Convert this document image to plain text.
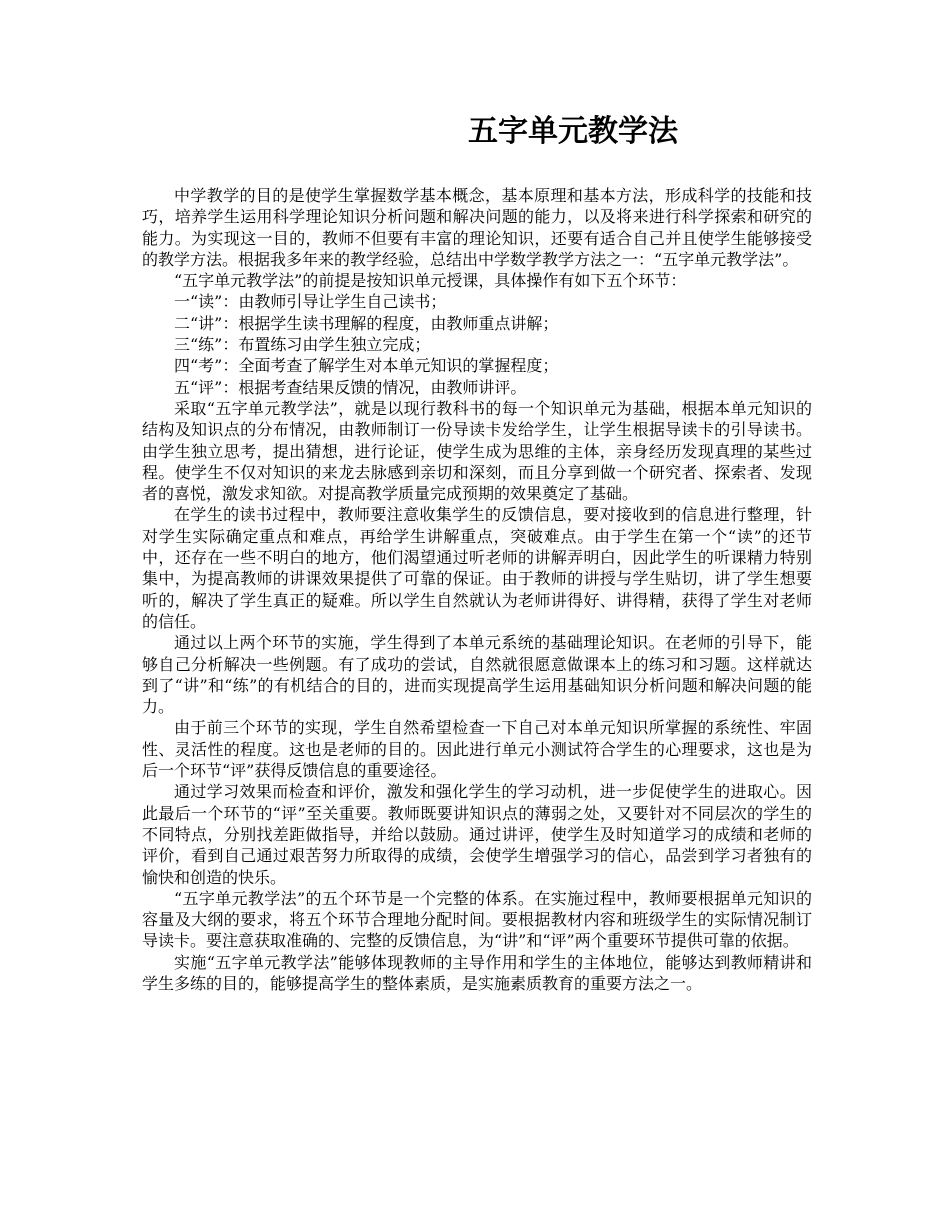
五字单元教学法

中学教学的目的是使学生掌握数学基本概念，基本原理和基本方法，形成科学的技能和技巧，培养学生运用科学理论知识分析问题和解决问题的能力，以及将来进行科学探索和研究的能力。为实现这一目的，教师不但要有丰富的理论知识，还要有适合自己并且使学生能够接受的教学方法。根据我多年来的教学经验，总结出中学数学教学方法之一：“五字单元教学法”。

“五字单元教学法”的前提是按知识单元授课，具体操作有如下五个环节：

一“读”：由教师引导让学生自己读书；

二“讲”：根据学生读书理解的程度，由教师重点讲解；

三“练”：布置练习由学生独立完成；

四“考”：全面考查了解学生对本单元知识的掌握程度；

五“评”：根据考查结果反馈的情况，由教师讲评。

采取“五字单元教学法”，就是以现行教科书的每一个知识单元为基础，根据本单元知识的结构及知识点的分布情况，由教师制订一份导读卡发给学生，让学生根据导读卡的引导读书。由学生独立思考，提出猜想，进行论证，使学生成为思维的主体，亲身经历发现真理的某些过程。使学生不仅对知识的来龙去脉感到亲切和深刻，而且分享到做一个研究者、探索者、发现者的喜悦，激发求知欲。对提高教学质量完成预期的效果奠定了基础。

在学生的读书过程中，教师要注意收集学生的反馈信息，要对接收到的信息进行整理，针对学生实际确定重点和难点，再给学生讲解重点，突破难点。由于学生在第一个“读”的还节中，还存在一些不明白的地方，他们渴望通过听老师的讲解弄明白，因此学生的听课精力特别集中，为提高教师的讲课效果提供了可靠的保证。由于教师的讲授与学生贴切，讲了学生想要听的，解决了学生真正的疑难。所以学生自然就认为老师讲得好、讲得精，获得了学生对老师的信任。

通过以上两个环节的实施，学生得到了本单元系统的基础理论知识。在老师的引导下，能够自己分析解决一些例题。有了成功的尝试，自然就很愿意做课本上的练习和习题。这样就达到了“讲”和“练”的有机结合的目的，进而实现提高学生运用基础知识分析问题和解决问题的能力。

由于前三个环节的实现，学生自然希望检查一下自己对本单元知识所掌握的系统性、牢固性、灵活性的程度。这也是老师的目的。因此进行单元小测试符合学生的心理要求，这也是为后一个环节“评”获得反馈信息的重要途径。

通过学习效果而检查和评价，激发和强化学生的学习动机，进一步促使学生的进取心。因此最后一个环节的“评”至关重要。教师既要讲知识点的薄弱之处，又要针对不同层次的学生的不同特点，分别找差距做指导，并给以鼓励。通过讲评，使学生及时知道学习的成绩和老师的评价，看到自己通过艰苦努力所取得的成绩，会使学生增强学习的信心，品尝到学习者独有的愉快和创造的快乐。

“五字单元教学法”的五个环节是一个完整的体系。在实施过程中，教师要根据单元知识的容量及大纲的要求，将五个环节合理地分配时间。要根据教材内容和班级学生的实际情况制订导读卡。要注意获取准确的、完整的反馈信息，为“讲”和“评”两个重要环节提供可靠的依据。

实施“五字单元教学法”能够体现教师的主导作用和学生的主体地位，能够达到教师精讲和学生多练的目的，能够提高学生的整体素质，是实施素质教育的重要方法之一。
